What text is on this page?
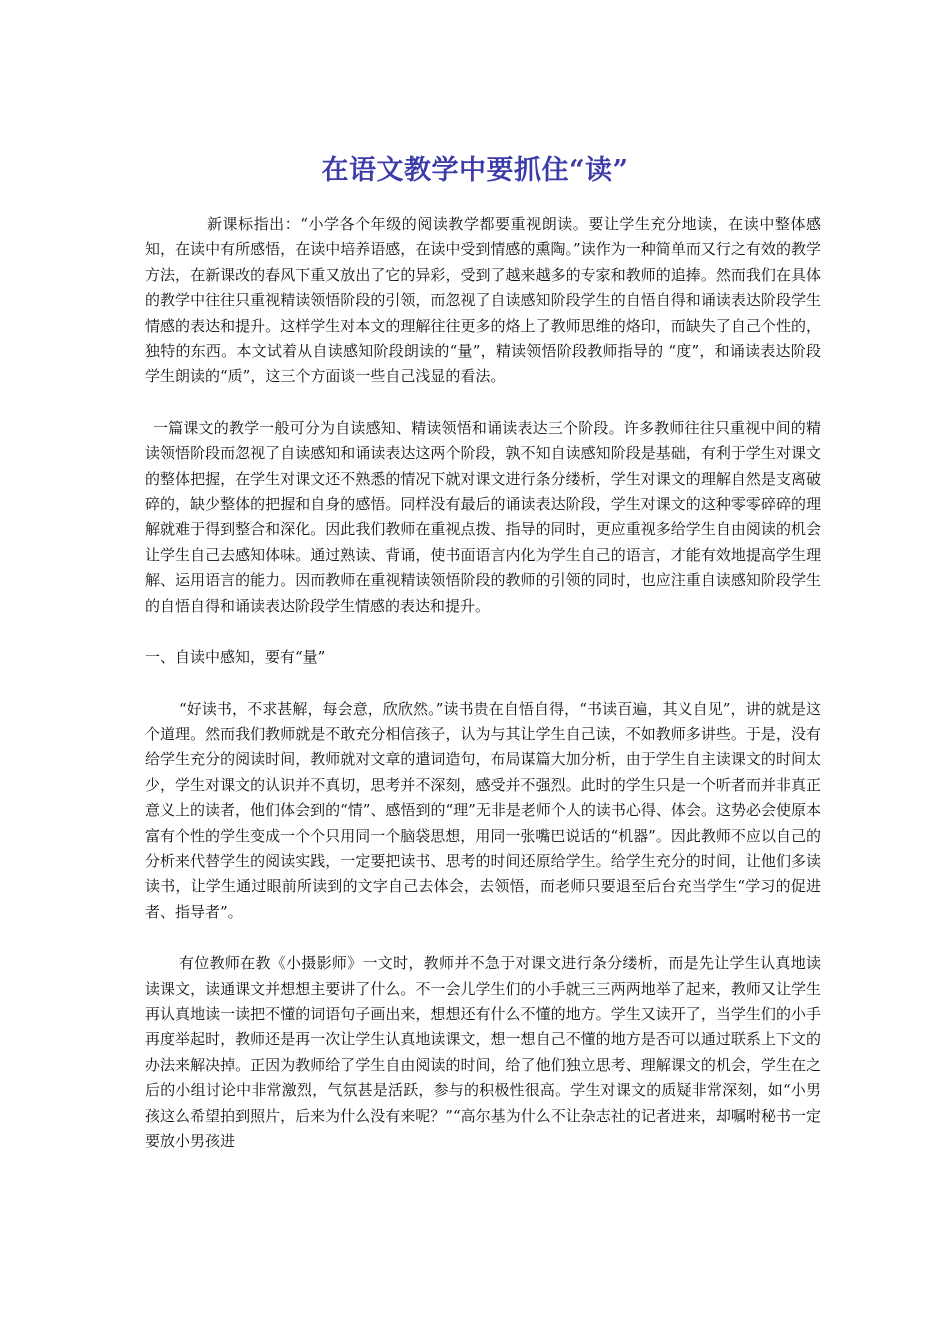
在语文教学中要抓住“读”

新课标指出：“小学各个年级的阅读教学都要重视朗读。要让学生充分地读，在读中整体感知，在读中有所感悟，在读中培养语感，在读中受到情感的熏陶。”读作为一种简单而又行之有效的教学方法，在新课改的春风下重又放出了它的异彩，受到了越来越多的专家和教师的追捧。然而我们在具体的教学中往往只重视精读领悟阶段的引领，而忽视了自读感知阶段学生的自悟自得和诵读表达阶段学生情感的表达和提升。这样学生对本文的理解往往更多的烙上了教师思维的烙印，而缺失了自己个性的，独特的东西。本文试着从自读感知阶段朗读的“量”，精读领悟阶段教师指导的 “度”，和诵读表达阶段学生朗读的“质”，这三个方面谈一些自己浅显的看法。

一篇课文的教学一般可分为自读感知、精读领悟和诵读表达三个阶段。许多教师往往只重视中间的精读领悟阶段而忽视了自读感知和诵读表达这两个阶段，孰不知自读感知阶段是基础，有利于学生对课文的整体把握，在学生对课文还不熟悉的情况下就对课文进行条分缕析，学生对课文的理解自然是支离破碎的，缺少整体的把握和自身的感悟。同样没有最后的诵读表达阶段，学生对课文的这种零零碎碎的理解就难于得到整合和深化。因此我们教师在重视点拨、指导的同时，更应重视多给学生自由阅读的机会让学生自己去感知体味。通过熟读、背诵，使书面语言内化为学生自己的语言，才能有效地提高学生理解、运用语言的能力。因而教师在重视精读领悟阶段的教师的引领的同时，也应注重自读感知阶段学生的自悟自得和诵读表达阶段学生情感的表达和提升。

一、自读中感知，要有“量”

“好读书，不求甚解，每会意，欣欣然。”读书贵在自悟自得，“书读百遍，其义自见”，讲的就是这个道理。然而我们教师就是不敢充分相信孩子，认为与其让学生自己读，不如教师多讲些。于是，没有给学生充分的阅读时间，教师就对文章的遣词造句，布局谋篇大加分析，由于学生自主读课文的时间太少，学生对课文的认识并不真切，思考并不深刻，感受并不强烈。此时的学生只是一个听者而并非真正意义上的读者，他们体会到的“情”、感悟到的“理”无非是老师个人的读书心得、体会。这势必会使原本富有个性的学生变成一个个只用同一个脑袋思想，用同一张嘴巴说话的“机器”。因此教师不应以自己的分析来代替学生的阅读实践，一定要把读书、思考的时间还原给学生。给学生充分的时间，让他们多读读书，让学生通过眼前所读到的文字自己去体会，去领悟，而老师只要退至后台充当学生“学习的促进者、指导者”。

有位教师在教《小摄影师》一文时，教师并不急于对课文进行条分缕析，而是先让学生认真地读读课文，读通课文并想想主要讲了什么。不一会儿学生们的小手就三三两两地举了起来，教师又让学生再认真地读一读把不懂的词语句子画出来，想想还有什么不懂的地方。学生又读开了，当学生们的小手再度举起时，教师还是再一次让学生认真地读课文，想一想自己不懂的地方是否可以通过联系上下文的办法来解决掉。正因为教师给了学生自由阅读的时间，给了他们独立思考、理解课文的机会，学生在之后的小组讨论中非常激烈，气氛甚是活跃，参与的积极性很高。学生对课文的质疑非常深刻，如“小男孩这么希望拍到照片，后来为什么没有来呢？”“高尔基为什么不让杂志社的记者进来，却嘱咐秘书一定要放小男孩进
